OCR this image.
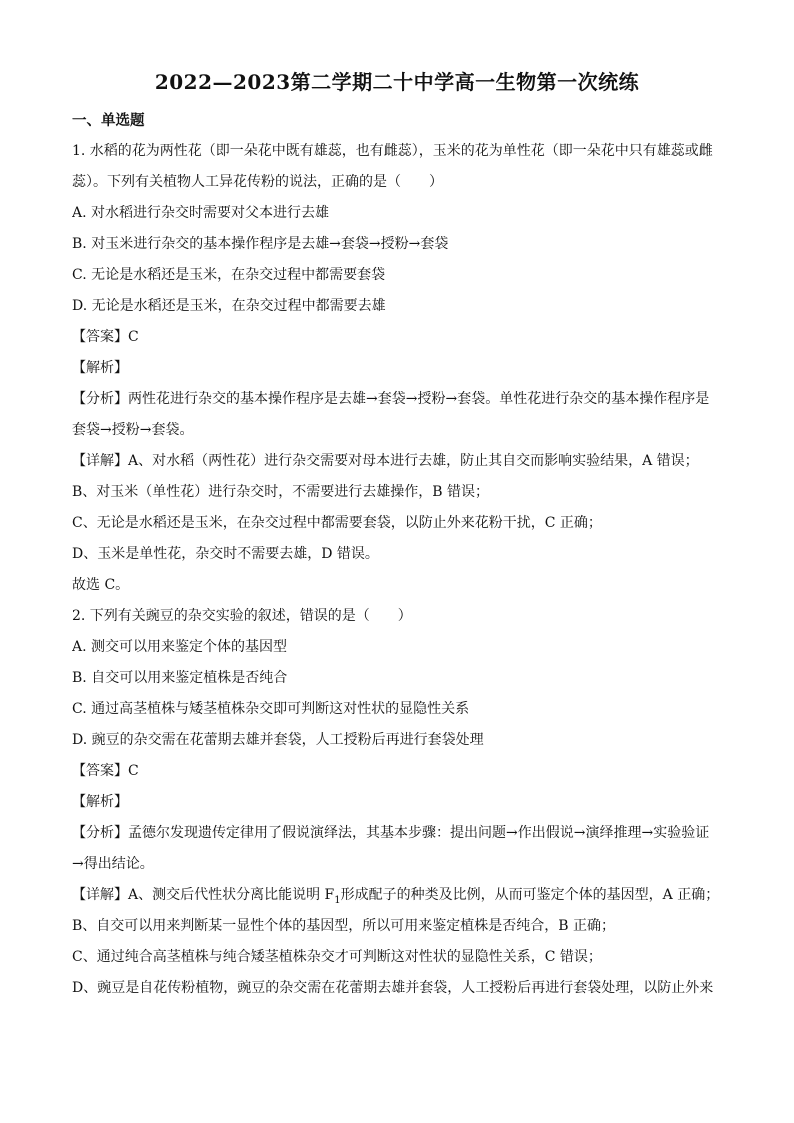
2022—2023第二学期二十中学高一生物第一次统练
一、单选题
1. 水稻的花为两性花（即一朵花中既有雄蕊，也有雌蕊），玉米的花为单性花（即一朵花中只有雄蕊或雌
蕊）。下列有关植物人工异花传粉的说法，正确的是（　　）
A. 对水稻进行杂交时需要对父本进行去雄
B. 对玉米进行杂交的基本操作程序是去雄→套袋→授粉→套袋
C. 无论是水稻还是玉米，在杂交过程中都需要套袋
D. 无论是水稻还是玉米，在杂交过程中都需要去雄
【答案】C
【解析】
【分析】两性花进行杂交的基本操作程序是去雄→套袋→授粉→套袋。单性花进行杂交的基本操作程序是
套袋→授粉→套袋。
【详解】A、对水稻（两性花）进行杂交需要对母本进行去雄，防止其自交而影响实验结果，A 错误；
B、对玉米（单性花）进行杂交时，不需要进行去雄操作，B 错误；
C、无论是水稻还是玉米，在杂交过程中都需要套袋，以防止外来花粉干扰，C 正确；
D、玉米是单性花，杂交时不需要去雄，D 错误。
故选 C。
2. 下列有关豌豆的杂交实验的叙述，错误的是（　　）
A. 测交可以用来鉴定个体的基因型
B. 自交可以用来鉴定植株是否纯合
C. 通过高茎植株与矮茎植株杂交即可判断这对性状的显隐性关系
D. 豌豆的杂交需在花蕾期去雄并套袋，人工授粉后再进行套袋处理
【答案】C
【解析】
【分析】孟德尔发现遗传定律用了假说演绎法，其基本步骤：提出问题→作出假说→演绎推理→实验验证
→得出结论。
【详解】A、测交后代性状分离比能说明 $F_1$形成配子的种类及比例，从而可鉴定个体的基因型，A 正确；
B、自交可以用来判断某一显性个体的基因型，所以可用来鉴定植株是否纯合，B 正确；
C、通过纯合高茎植株与纯合矮茎植株杂交才可判断这对性状的显隐性关系，C 错误；
D、豌豆是自花传粉植物，豌豆的杂交需在花蕾期去雄并套袋，人工授粉后再进行套袋处理，以防止外来
